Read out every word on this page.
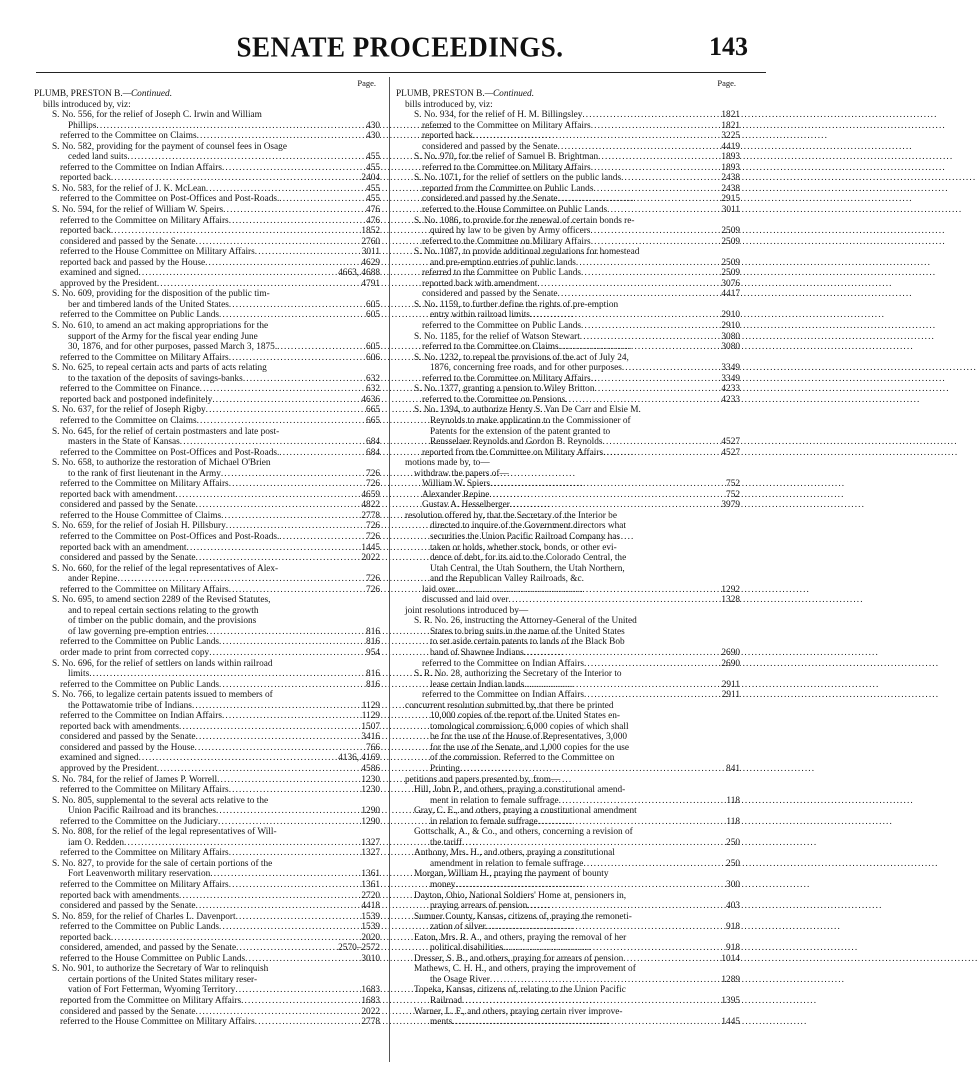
SENATE PROCEEDINGS.	143
Page.
PLUMB, PRESTON B.—Continued.
bills introduced by, viz:
S. No. 556, for the relief of Joseph C. Irwin and William
Phillips . . .	430
referred to the Committee on Claims . . .	430
S. No. 582, providing for the payment of counsel fees in Osage
ceded land suits . . .	455
referred to the Committee on Indian Affairs . . .	455
reported back . . .	2404
S. No. 583, for the relief of J. K. McLean . . .	455
referred to the Committee on Post-Offices and Post-Roads. . . .	455
S. No. 594, for the relief of William W. Speirs . . .	476
referred to the Committee on Military Affairs . . .	476
reported back . . .	1852
considered and passed by the Senate . . .	2760
referred to the House Committee on Military Affairs . . .	3011
reported back and passed by the House . . .	4629
examined and signed . . .	4663, 4688
approved by the President . . .	4791
S. No. 609, providing for the disposition of the public tim-
ber and timbered lands of the United States . . .	605
referred to the Committee on Public Lands . . .	605
S. No. 610, to amend an act making appropriations for the
support of the Army for the fiscal year ending June
30, 1876, and for other purposes, passed March 3, 1875. . . .	605
referred to the Committee on Military Affairs . . .	606
S. No. 625, to repeal certain acts and parts of acts relating
to the taxation of the deposits of savings-banks . . .	632
referred to the Committee on Finance . . .	632
reported back and postponed indefinitely . . .	4636
S. No. 637, for the relief of Joseph Rigby . . .	665
referred to the Committee on Claims . . .	665
S. No. 645, for the relief of certain postmasters and late post-
masters in the State of Kansas . . .	684
referred to the Committee on Post-Offices and Post-Roads. . . .	684
S. No. 658, to authorize the restoration of Michael O'Brien
to the rank of first lieutenant in the Army . . .	726
referred to the Committee on Military Affairs . . .	726
reported back with amendment . . .	4659
considered and passed by the Senate . . .	4822
referred to the House Committee of Claims . . .	2778
S. No. 659, for the relief of Josiah H. Pillsbury . . .	726
referred to the Committee on Post-Offices and Post-Roads. . . .	726
reported back with an amendment . . .	1445
considered and passed by the Senate . . .	2022
S. No. 660, for the relief of the legal representatives of Alex-
ander Repine . . .	726
referred to the Committee on Military Affairs . . .	726
S. No. 695, to amend section 2289 of the Revised Statutes,
and to repeal certain sections relating to the growth
of timber on the public domain, and the provisions
of law governing pre-emption entries . . .	816
referred to the Committee on Public Lands . . .	816
order made to print from corrected copy . . .	954
S. No. 696, for the relief of settlers on lands within railroad
limits . . .	816
referred to the Committee on Public Lands . . .	816
S. No. 766, to legalize certain patents issued to members of
the Pottawatomie tribe of Indians . . .	1129
referred to the Committee on Indian Affairs . . .	1129
reported back with amendments . . .	1507
considered and passed by the Senate . . .	3416
considered and passed by the House . . .	766
examined and signed . . .	4136, 4169
approved by the President . . .	4586
S. No. 784, for the relief of James P. Worrell . . .	1230
referred to the Committee on Military Affairs . . .	1230
S. No. 805, supplemental to the several acts relative to the
Union Pacific Railroad and its branches . . .	1290
referred to the Committee on the Judiciary . . .	1290
S. No. 808, for the relief of the legal representatives of Will-
iam O. Redden . . .	1327
referred to the Committee on Military Affairs . . .	1327
S. No. 827, to provide for the sale of certain portions of the
Fort Leavenworth military reservation . . .	1361
referred to the Committee on Military Affairs . . .	1361
reported back with amendments . . .	2720
considered and passed by the Senate . . .	4418
S. No. 859, for the relief of Charles L. Davenport . . .	1539
referred to the Committee on Public Lands . . .	1539
reported back . . .	2020
considered, amended, and passed by the Senate . . .	2570–2572
referred to the House Committee on Public Lands . . .	3010
S. No. 901, to authorize the Secretary of War to relinquish
certain portions of the United States military reser-
vation of Fort Fetterman, Wyoming Territory . . .	1683
reported from the Committee on Military Affairs . . .	1683
considered and passed by the Senate . . .	2022
referred to the House Committee on Military Affairs . . .	2778
Page.
PLUMB, PRESTON B.—Continued.
bills introduced by, viz:
S. No. 934, for the relief of H. M. Billingsley . . .	1821
referred to the Committee on Military Affairs . . .	1821
reported back . . .	3225
considered and passed by the Senate . . .	4419
S. No. 970, for the relief of Samuel B. Brightman . . .	1893
referred to the Committee on Military Affairs . . .	1893
S. No. 1071, for the relief of settlers on the public lands . . .	2438
reported from the Committee on Public Lands . . .	2438
considered and passed by the Senate . . .	2915
referred to the House Committee on Public Lands . . .	3011
S. No. 1086, to provide for the renewal of certain bonds re-
quired by law to be given by Army officers . . .	2509
referred to the Committee on Military Affairs . . .	2509
S. No. 1087, to provide additional regulations for homestead
and pre-emption entries of public lands . . .	2509
referred to the Committee on Public Lands . . .	2509
reported back with amendment . . .	3076
considered and passed by the Senate . . .	4417
S. No. 1159, to further define the rights of pre-emption
entry within railroad limits . . .	2910
referred to the Committee on Public Lands . . .	2910
S. No. 1185, for the relief of Watson Stewart . . .	3080
referred to the Committee on Claims . . .	3080
S. No. 1232, to repeal the provisions of the act of July 24,
1876, concerning free roads, and for other purposes . . .	3349
referred to the Committee on Military Affairs . . .	3349
S. No. 1377, granting a pension to Wiley Britton . . .	4233
referred to the Committee on Pensions . . .	4233
S. No. 1394, to authorize Henry S. Van De Carr and Elsie M.
Reynolds to make application to the Commissioner of
Patents for the extension of the patent granted to
Rensselaer Reynolds and Gordon B. Reynolds . . .	4527
reported from the Committee on Military Affairs . . .	4527
motions made by, to—
withdraw the papers of—
William W. Spiers . . .	752
Alexander Repine . . .	752
Gustav A. Hesselberger . . .	3979
resolution offered by, that the Secretary of the Interior be
directed to inquire of the Government directors what
securities the Union Pacific Railroad Company has
taken or holds, whether stock, bonds, or other evi-
dence of debt, for its aid to the Colorado Central, the
Utah Central, the Utah Southern, the Utah Northern,
and the Republican Valley Railroads, &c.
laid over . . .	1292
discussed and laid over . . .	1328
joint resolutions introduced by—
S. R. No. 26, instructing the Attorney-General of the United
States to bring suits in the name of the United States
to set aside certain patents to lands of the Black Bob
band of Shawnee Indians . . .	2690
referred to the Committee on Indian Affairs . . .	2690
S. R. No. 28, authorizing the Secretary of the Interior to
lease certain Indian lands . . .	2911
referred to the Committee on Indian Affairs . . .	2911
concurrent resolution submitted by, that there be printed
10,000 copies of the report of the United States en-
tomological commission; 6,000 copies of which shall
be for the use of the House of Representatives, 3,000
for the use of the Senate, and 1,000 copies for the use
of the commission. Referred to the Committee on
Printing . . .	841
petitions and papers presented by, from—
Hill, John P., and others, praying a constitutional amend-
ment in relation to female suffrage . . .	118
Gray, C. E., and others, praying a constitutional amendment
in relation to female suffrage . . .	118
Gottschalk, A., & Co., and others, concerning a revision of
the tariff . . .	250
Anthony, Mrs. H., and others, praying a constitutional
amendment in relation to female suffrage . . .	250
Morgan, William H., praying the payment of bounty
money . . .	300
Dayton, Ohio, National Soldiers' Home at, pensioners in,
praying arrears of pension . . .	403
Sumner County, Kansas, citizens of, praying the remoneti-
zation of silver . . .	918
Eaton, Mrs. R. A., and others, praying the removal of her
political disabilities . . .	918
Dresser, S. B., and others, praying for arrears of pension . . .	1014
Mathews, C. H. H., and others, praying the improvement of
the Osage River . . .	1289
Topeka, Kansas, citizens of, relating to the Union Pacific
Railroad . . .	1395
Warner, L. F., and others, praying certain river improve-
ments . . .	1445
